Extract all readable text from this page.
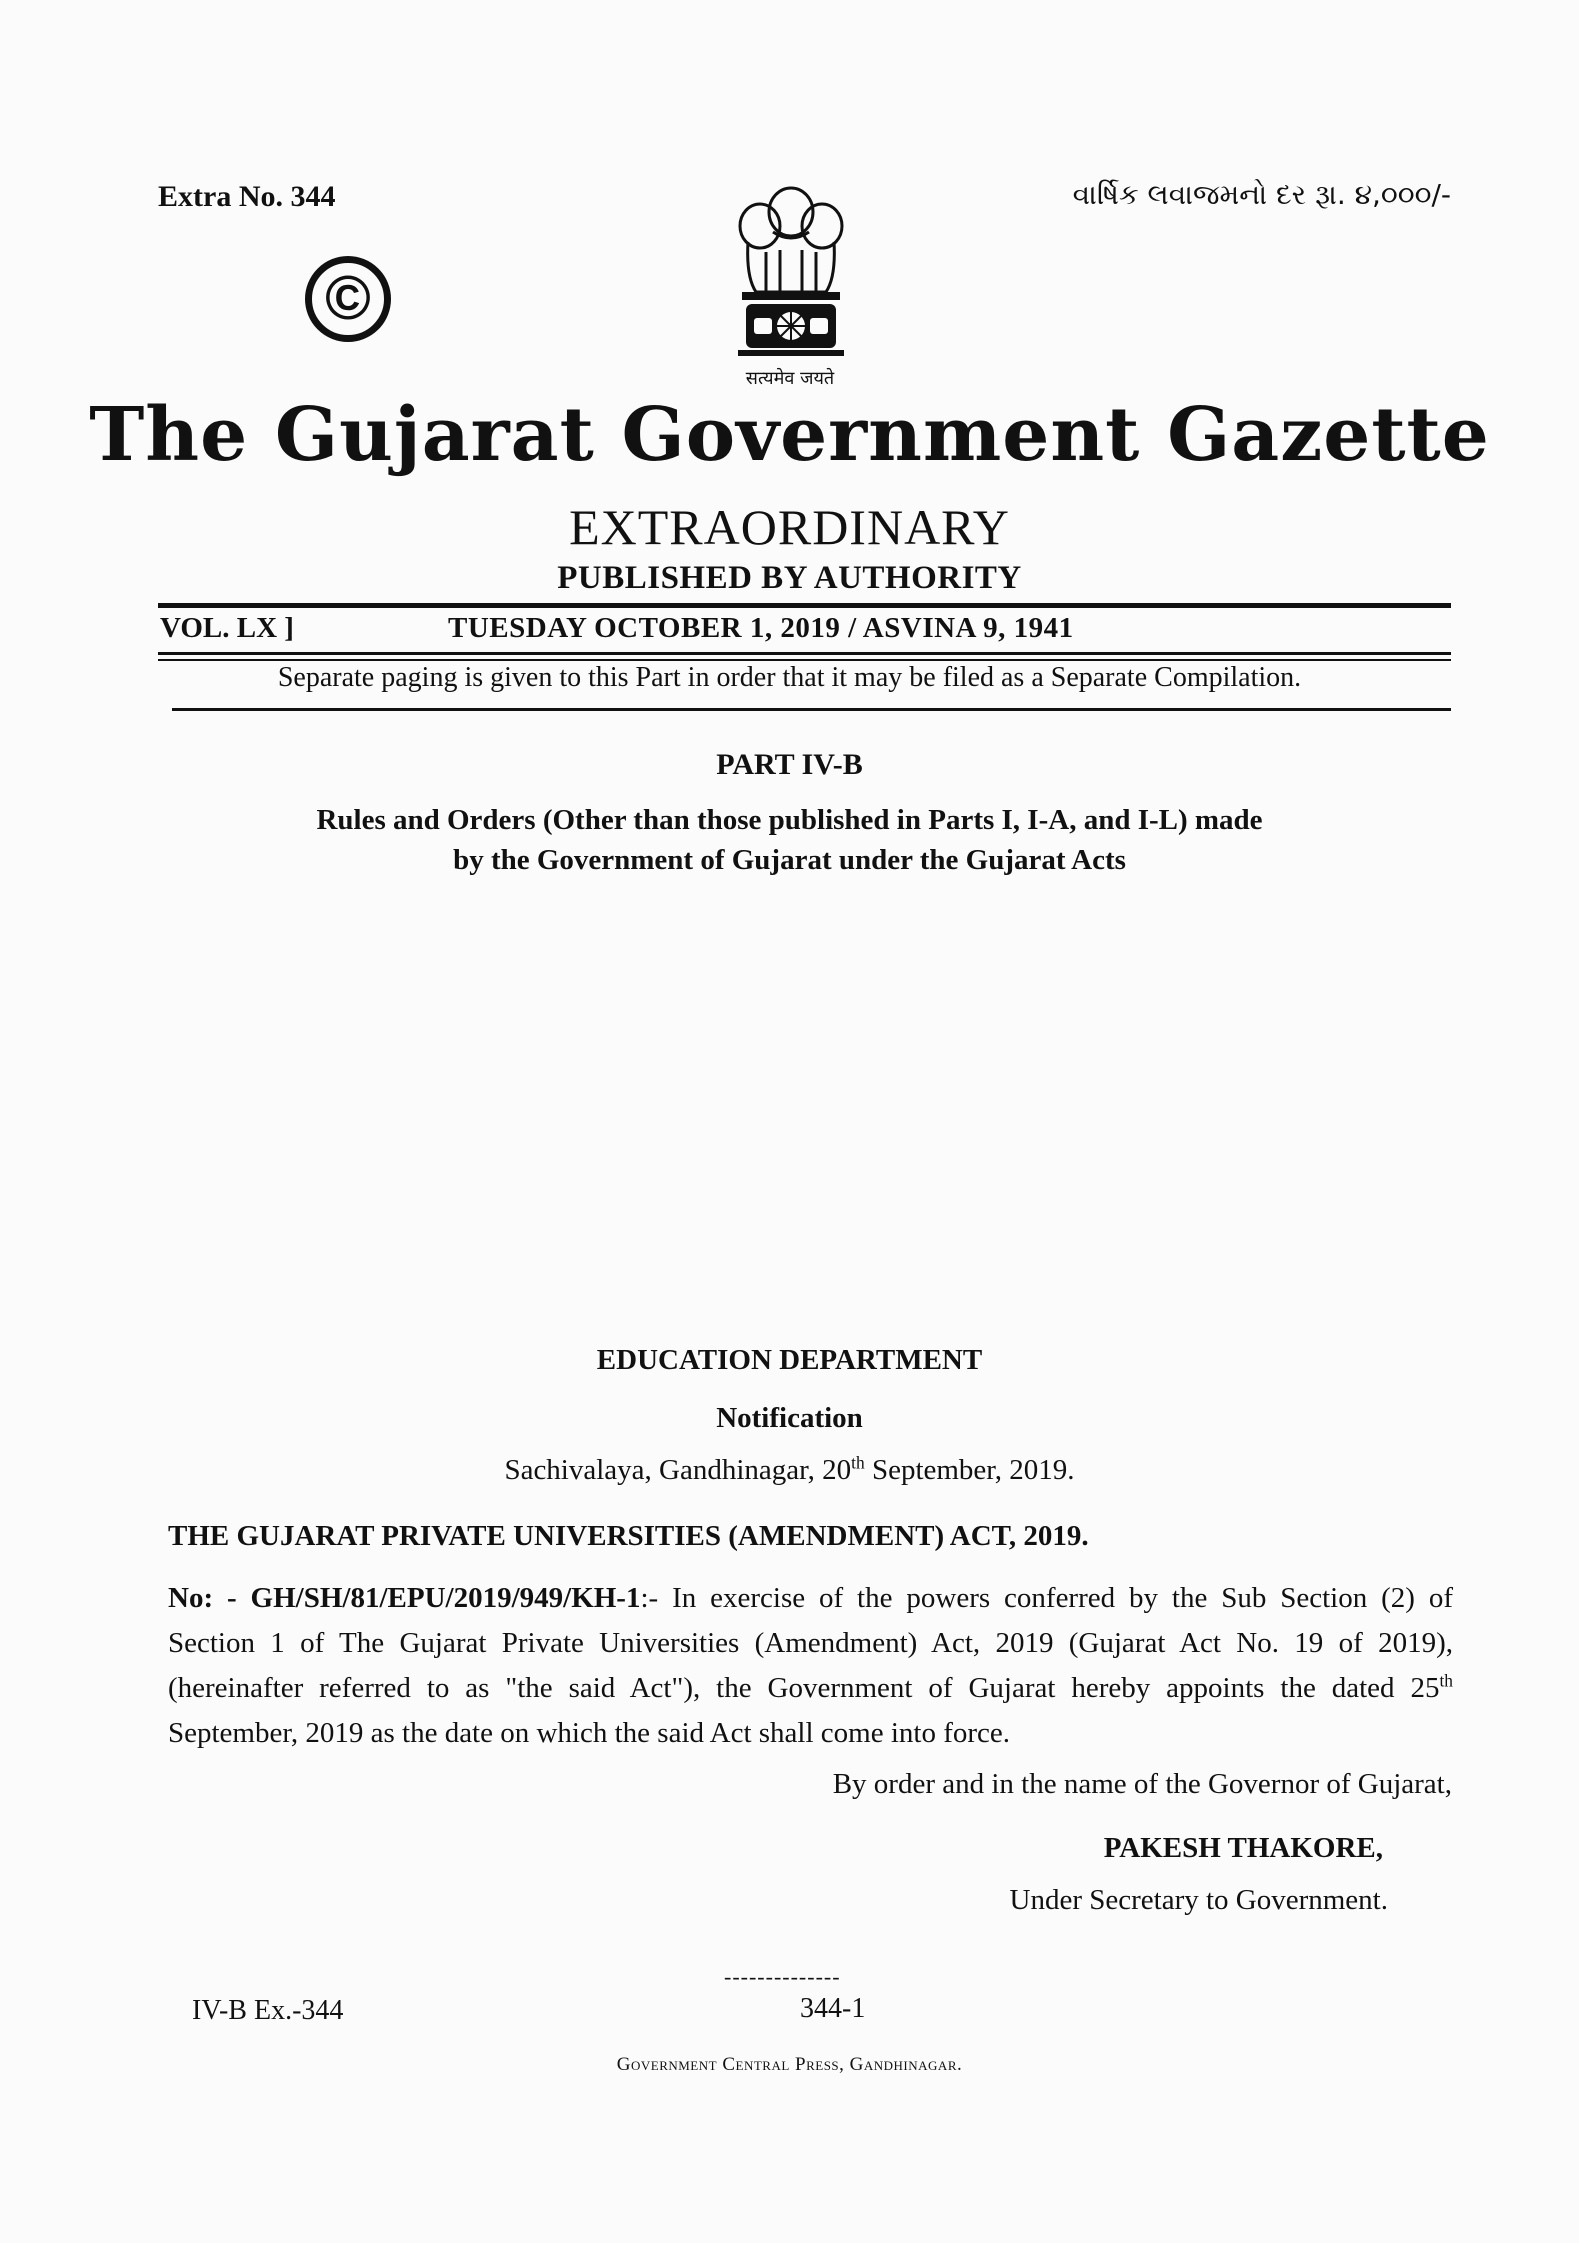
Extra No. 344	વાર્ષિક લવાજમનો દર રૂા. ૪,૦૦૦/-
©
सत्यमेव जयते
The Gujarat Government Gazette
EXTRAORDINARY
PUBLISHED BY AUTHORITY
VOL. LX ]	TUESDAY OCTOBER 1, 2019 / ASVINA 9, 1941
Separate paging is given to this Part in order that it may be filed as a Separate Compilation.
PART IV-B
Rules and Orders (Other than those published in Parts I, I-A, and I-L) made
by the Government of Gujarat under the Gujarat Acts
EDUCATION DEPARTMENT
Notification
Sachivalaya, Gandhinagar, 20th September, 2019.
THE GUJARAT PRIVATE UNIVERSITIES (AMENDMENT) ACT, 2019.
No: - GH/SH/81/EPU/2019/949/KH-1:- In exercise of the powers conferred by the Sub Section (2) of Section 1 of The Gujarat Private Universities (Amendment) Act, 2019 (Gujarat Act No. 19 of 2019), (hereinafter referred to as "the said Act"), the Government of Gujarat hereby appoints the dated 25th September, 2019 as the date on which the said Act shall come into force.
By order and in the name of the Governor of Gujarat,
PAKESH THAKORE,
Under Secretary to Government.
--------------
IV-B Ex.-344	344-1
Government Central Press, Gandhinagar.
